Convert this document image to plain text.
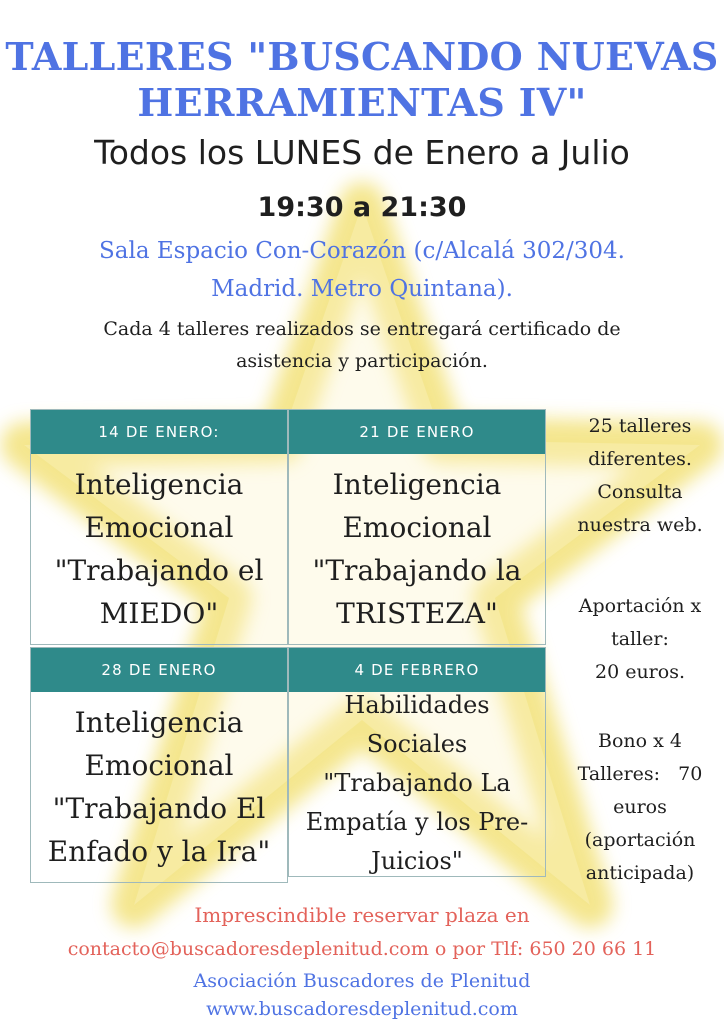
TALLERES "BUSCANDO NUEVAS
HERRAMIENTAS IV"
Todos los LUNES de Enero a Julio
19:30 a 21:30
Sala Espacio Con-Corazón (c/Alcalá 302/304.
Madrid. Metro Quintana).
Cada 4 talleres realizados se entregará certificado de
asistencia y participación.
14 DE ENERO:
Inteligencia
Emocional
"Trabajando el
MIEDO"
21 DE ENERO
Inteligencia
Emocional
"Trabajando la
TRISTEZA"
28 DE ENERO
Inteligencia
Emocional
"Trabajando El
Enfado y la Ira"
4 DE FEBRERO
Habilidades
Sociales
"Trabajando La
Empatía y los Pre-
Juicios"
25 talleres
diferentes.
Consulta
nuestra web.
Aportación x
taller:
20 euros.
Bono x 4
Talleres:   70
euros
(aportación
anticipada)
Imprescindible reservar plaza en
contacto@buscadoresdeplenitud.com o por Tlf: 650 20 66 11
Asociación Buscadores de Plenitud
www.buscadoresdeplenitud.com
